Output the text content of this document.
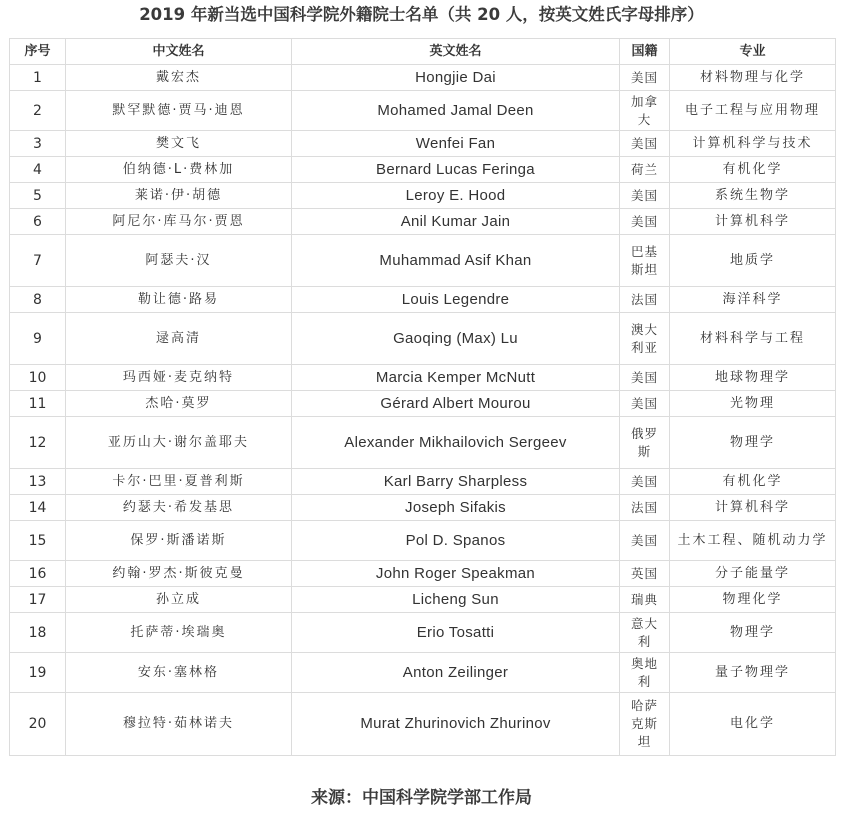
2019 年新当选中国科学院外籍院士名单（共 20 人，按英文姓氏字母排序）
序号	中文姓名	英文姓名	国籍	专业
1	戴宏杰	Hongjie Dai	美国	材料物理与化学
2	默罕默德·贾马·迪恩	Mohamed Jamal Deen	加拿大	电子工程与应用物理
3	樊文飞	Wenfei Fan	美国	计算机科学与技术
4	伯纳德·L·费林加	Bernard Lucas Feringa	荷兰	有机化学
5	莱诺·伊·胡德	Leroy E. Hood	美国	系统生物学
6	阿尼尔·库马尔·贾恩	Anil Kumar Jain	美国	计算机科学
7	阿瑟夫·汉	Muhammad Asif Khan	巴基斯坦	地质学
8	勒让德·路易	Louis Legendre	法国	海洋科学
9	逯高清	Gaoqing (Max) Lu	澳大利亚	材料科学与工程
10	玛西娅·麦克纳特	Marcia Kemper McNutt	美国	地球物理学
11	杰哈·莫罗	Gérard Albert Mourou	美国	光物理
12	亚历山大·谢尔盖耶夫	Alexander Mikhailovich Sergeev	俄罗斯	物理学
13	卡尔·巴里·夏普利斯	Karl Barry Sharpless	美国	有机化学
14	约瑟夫·希发基思	Joseph Sifakis	法国	计算机科学
15	保罗·斯潘诺斯	Pol D. Spanos	美国	土木工程、随机动力学
16	约翰·罗杰·斯彼克曼	John Roger Speakman	英国	分子能量学
17	孙立成	Licheng Sun	瑞典	物理化学
18	托萨蒂·埃瑞奥	Erio Tosatti	意大利	物理学
19	安东·塞林格	Anton Zeilinger	奥地利	量子物理学
20	穆拉特·茹林诺夫	Murat Zhurinovich Zhurinov	哈萨克斯坦	电化学
来源：中国科学院学部工作局
